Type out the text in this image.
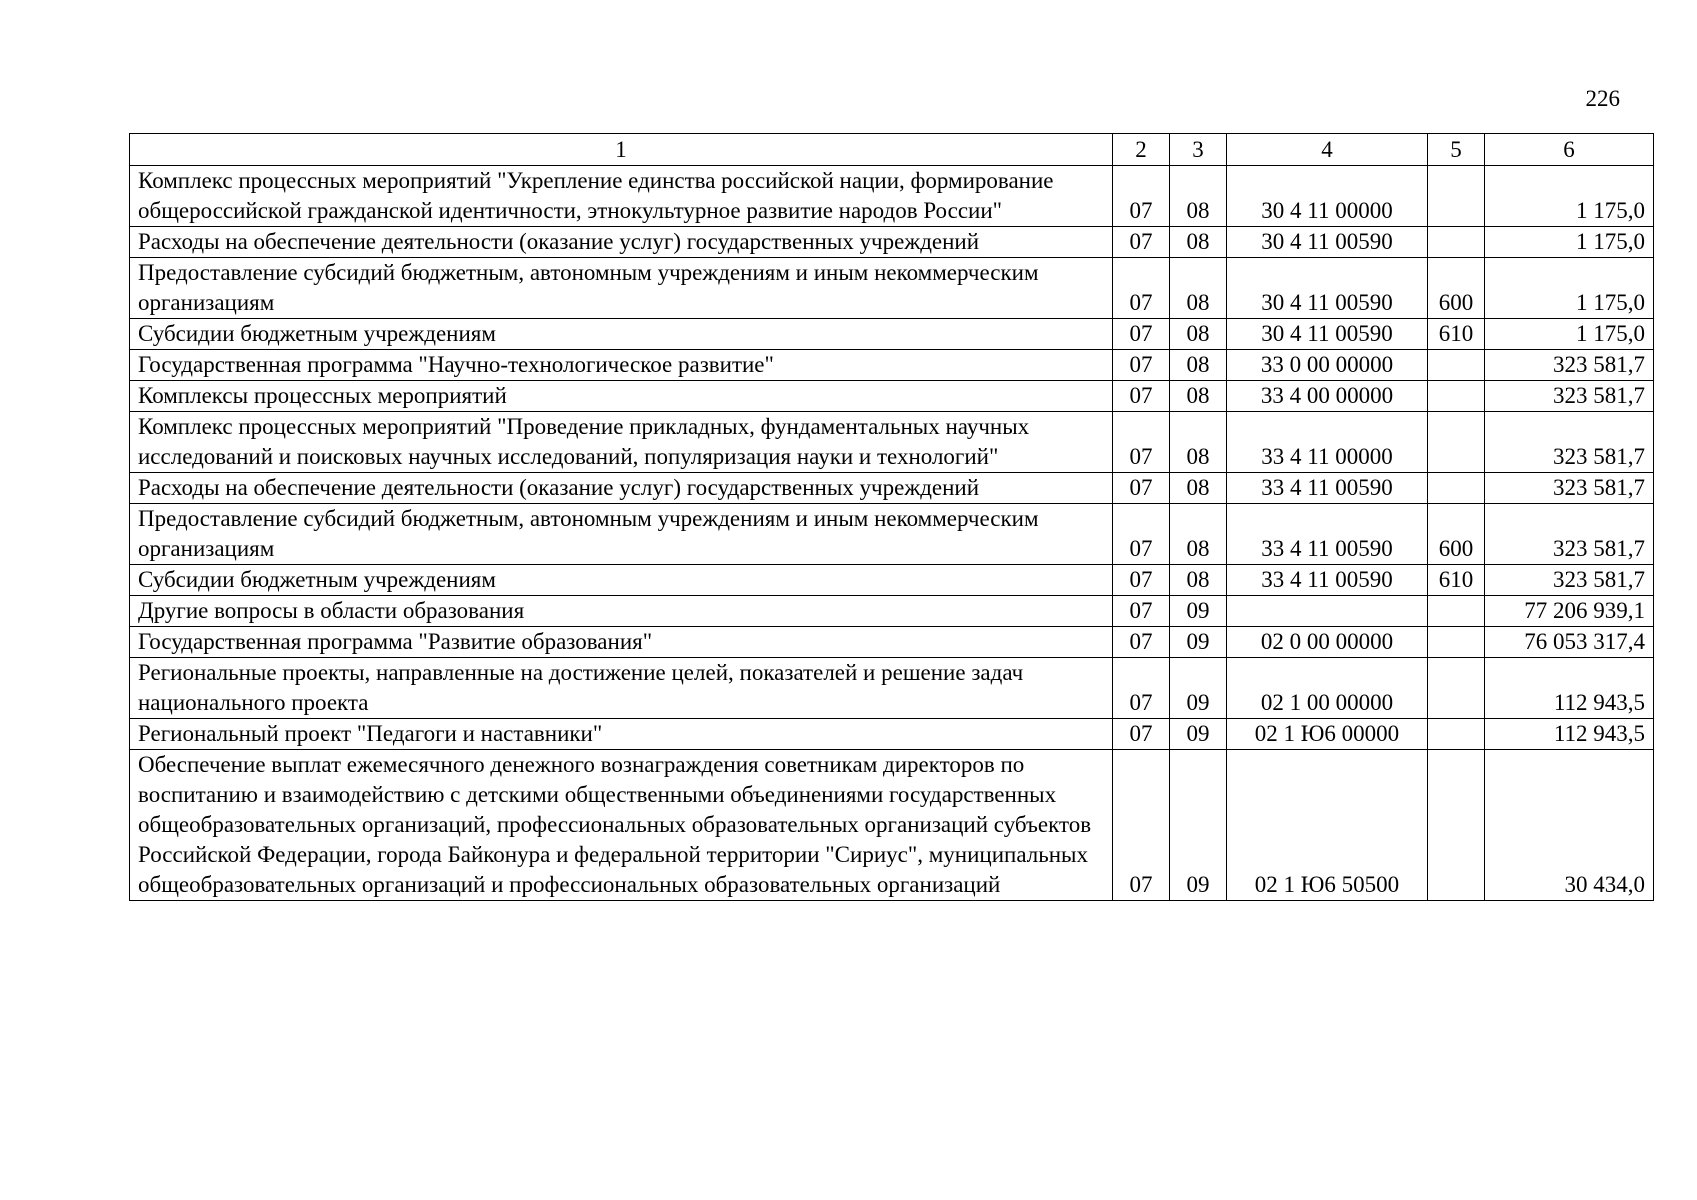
226
1	2	3	4	5	6
Комплекс процессных мероприятий "Укрепление единства российской нации, формирование общероссийской гражданской идентичности, этнокультурное развитие народов России"	07	08	30 4 11 00000		1 175,0
Расходы на обеспечение деятельности (оказание услуг) государственных учреждений	07	08	30 4 11 00590		1 175,0
Предоставление субсидий бюджетным, автономным учреждениям и иным некоммерческим организациям	07	08	30 4 11 00590	600	1 175,0
Субсидии бюджетным учреждениям	07	08	30 4 11 00590	610	1 175,0
Государственная программа "Научно-технологическое развитие"	07	08	33 0 00 00000		323 581,7
Комплексы процессных мероприятий	07	08	33 4 00 00000		323 581,7
Комплекс процессных мероприятий "Проведение прикладных, фундаментальных научных исследований и поисковых научных исследований, популяризация науки и технологий"	07	08	33 4 11 00000		323 581,7
Расходы на обеспечение деятельности (оказание услуг) государственных учреждений	07	08	33 4 11 00590		323 581,7
Предоставление субсидий бюджетным, автономным учреждениям и иным некоммерческим организациям	07	08	33 4 11 00590	600	323 581,7
Субсидии бюджетным учреждениям	07	08	33 4 11 00590	610	323 581,7
Другие вопросы в области образования	07	09			77 206 939,1
Государственная программа "Развитие образования"	07	09	02 0 00 00000		76 053 317,4
Региональные проекты, направленные на достижение целей, показателей и решение задач национального проекта	07	09	02 1 00 00000		112 943,5
Региональный проект "Педагоги и наставники"	07	09	02 1 Ю6 00000		112 943,5
Обеспечение выплат ежемесячного денежного вознаграждения советникам директоров по воспитанию и взаимодействию с детскими общественными объединениями государственных общеобразовательных организаций, профессиональных образовательных организаций субъектов Российской Федерации, города Байконура и федеральной территории "Сириус", муниципальных общеобразовательных организаций и профессиональных образовательных организаций	07	09	02 1 Ю6 50500		30 434,0
